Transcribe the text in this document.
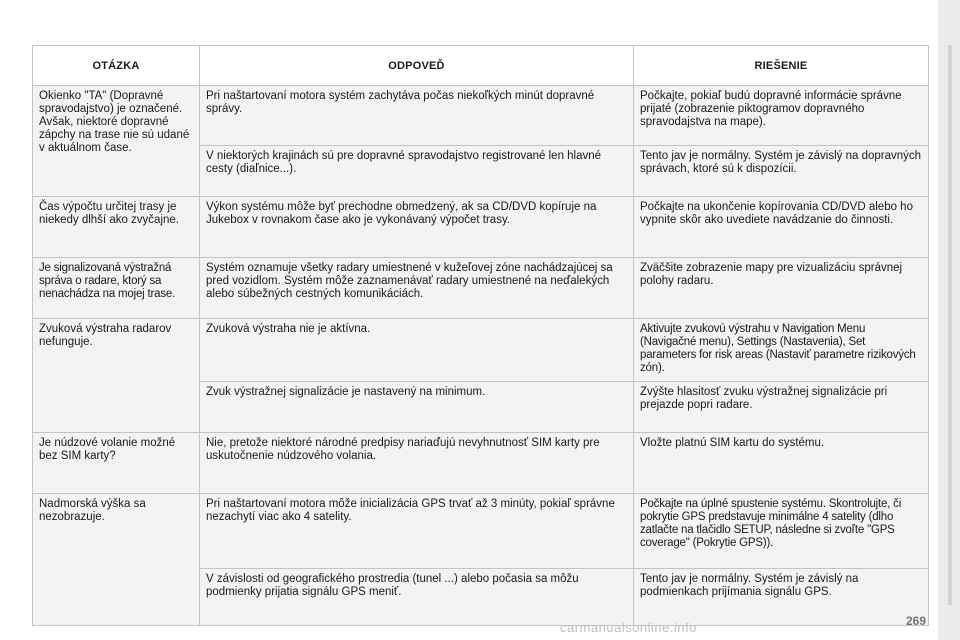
OTÁZKA	ODPOVEĎ	RIEŠENIE
Okienko "TA" (Dopravné spravodajstvo) je označené. Avšak, niektoré dopravné zápchy na trase nie sú udané v aktuálnom čase.	Pri naštartovaní motora systém zachytáva počas niekoľkých minút dopravné správy.	Počkajte, pokiaľ budú dopravné informácie správne prijaté (zobrazenie piktogramov dopravného spravodajstva na mape).
	V niektorých krajinách sú pre dopravné spravodajstvo registrované len hlavné cesty (diaľnice...).	Tento jav je normálny. Systém je závislý na dopravných správach, ktoré sú k dispozícii.
Čas výpočtu určitej trasy je niekedy dlhší ako zvyčajne.	Výkon systému môže byť prechodne obmedzený, ak sa CD/DVD kopíruje na Jukebox v rovnakom čase ako je vykonávaný výpočet trasy.	Počkajte na ukončenie kopírovania CD/DVD alebo ho vypnite skôr ako uvediete navádzanie do činnosti.
Je signalizovaná výstražná správa o radare, ktorý sa nenachádza na mojej trase.	Systém oznamuje všetky radary umiestnené v kužeľovej zóne nachádzajúcej sa pred vozidlom. Systém môže zaznamenávať radary umiestnené na neďalekých alebo súbežných cestných komunikáciách.	Zväčšite zobrazenie mapy pre vizualizáciu správnej polohy radaru.
Zvuková výstraha radarov nefunguje.	Zvuková výstraha nie je aktívna.	Aktivujte zvukovú výstrahu v Navigation Menu (Navigačné menu), Settings (Nastavenia), Set parameters for risk areas (Nastaviť parametre rizikových zón).
	Zvuk výstražnej signalizácie je nastavený na minimum.	Zvýšte hlasitosť zvuku výstražnej signalizácie pri prejazde popri radare.
Je núdzové volanie možné bez SIM karty?	Nie, pretože niektoré národné predpisy nariaďujú nevyhnutnosť SIM karty pre uskutočnenie núdzového volania.	Vložte platnú SIM kartu do systému.
Nadmorská výška sa nezobrazuje.	Pri naštartovaní motora môže inicializácia GPS trvať až 3 minúty, pokiaľ správne nezachytí viac ako 4 satelity.	Počkajte na úplné spustenie systému. Skontrolujte, či pokrytie GPS predstavuje minimálne 4 satelity (dlho zatlačte na tlačidlo SETUP, následne si zvoľte "GPS coverage" (Pokrytie GPS)).
	V závislosti od geografického prostredia (tunel ...) alebo počasia sa môžu podmienky prijatia signálu GPS meniť.	Tento jav je normálny. Systém je závislý na podmienkach prijímania signálu GPS.
carmanualsonline.info	269
